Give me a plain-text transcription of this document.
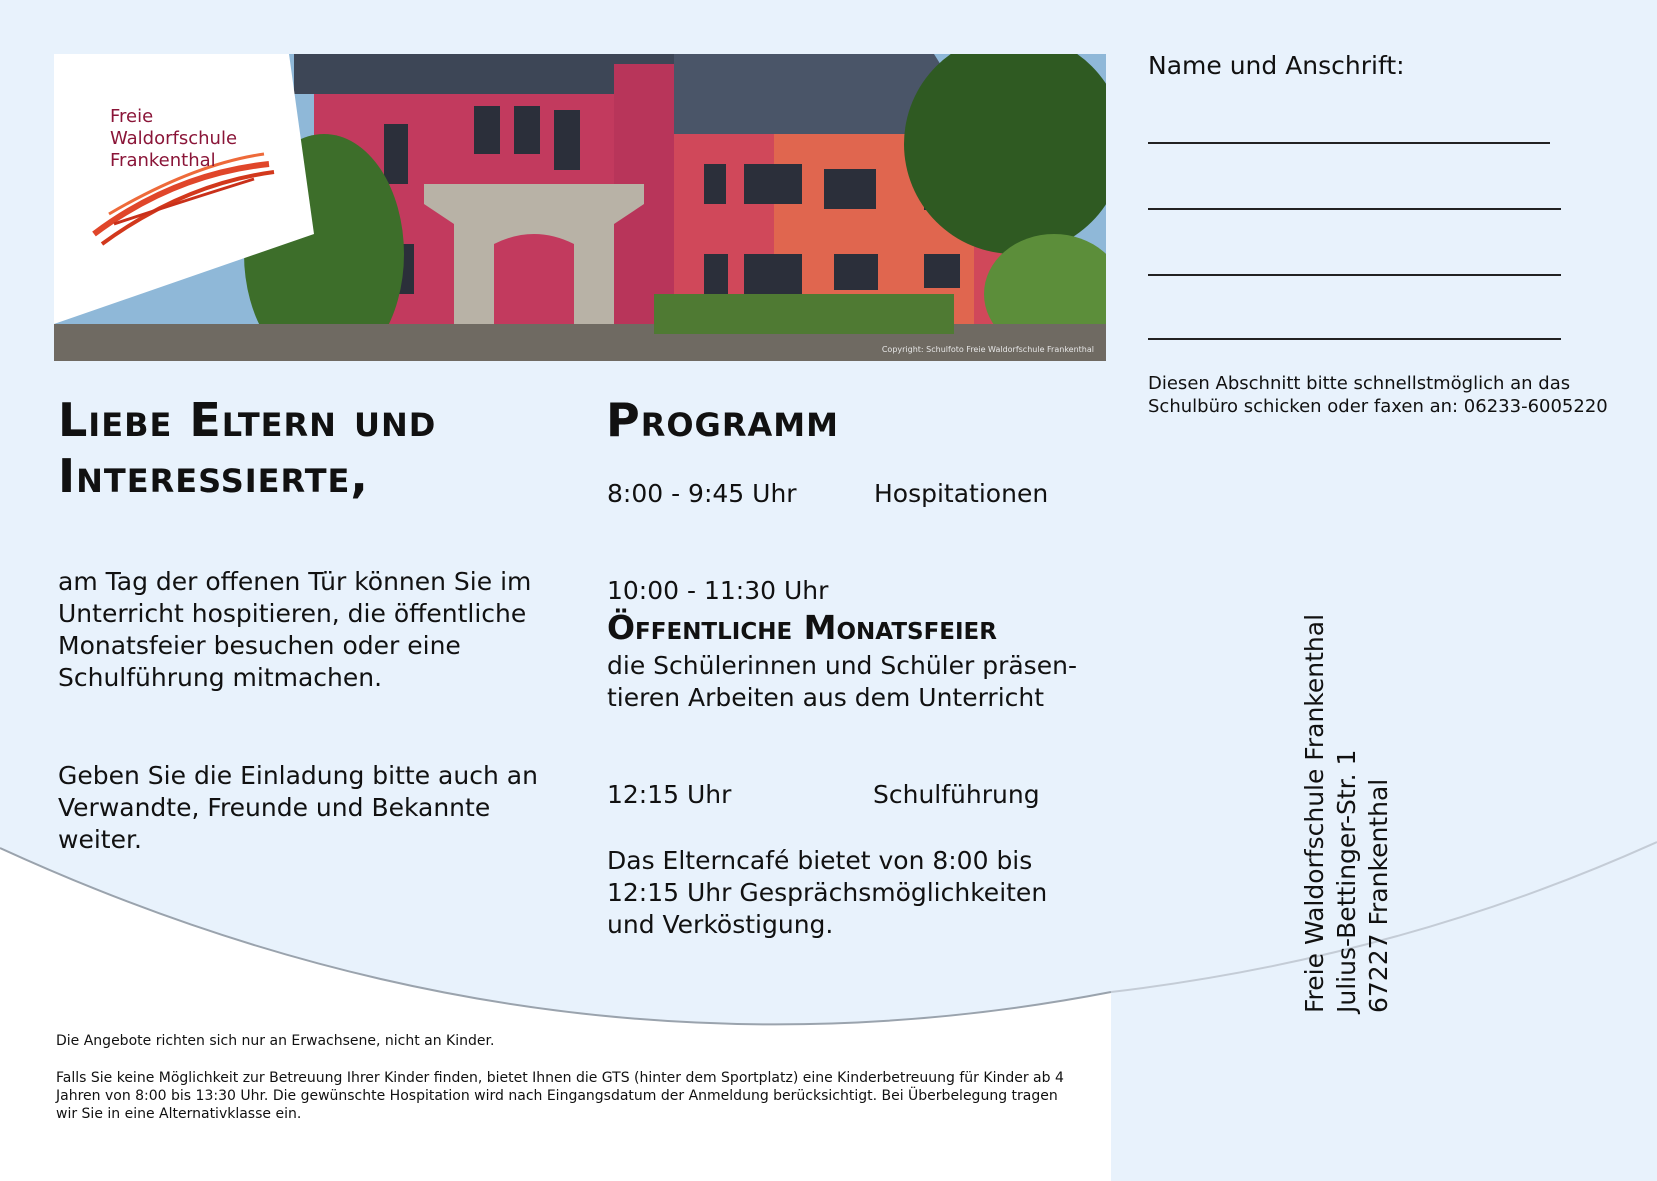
Copyright: Schulfoto Freie Waldorfschule Frankenthal
Freie
Waldorfschule
Frankenthal
Liebe Eltern und
Interessierte,
am Tag der offenen Tür können Sie im
Unterricht hospitieren, die öffentliche
Monatsfeier besuchen oder eine
Schulführung mitmachen.
Geben Sie die Einladung bitte auch an
Verwandte, Freunde und Bekannte
weiter.
Programm
8:00 - 9:45 Uhr	Hospitationen
10:00 - 11:30 Uhr
Öffentliche Monatsfeier
die Schülerinnen und Schüler präsen-
tieren Arbeiten aus dem Unterricht
12:15 Uhr	Schulführung
Das Elterncafé bietet von 8:00 bis
12:15 Uhr Gesprächsmöglichkeiten
und Verköstigung.
Name und Anschrift:
Diesen Abschnitt bitte schnellstmöglich an das
Schulbüro schicken oder faxen an: 06233-6005220
Freie Waldorfschule Frankenthal Julius-Bettinger-Str. 1 67227 Frankenthal
Die Angebote richten sich nur an Erwachsene, nicht an Kinder.
Falls Sie keine Möglichkeit zur Betreuung Ihrer Kinder finden, bietet Ihnen die GTS (hinter dem Sportplatz) eine Kinderbetreuung für Kinder ab 4
Jahren von 8:00 bis 13:30 Uhr. Die gewünschte Hospitation wird nach Eingangsdatum der Anmeldung berücksichtigt. Bei Überbelegung tragen
wir Sie in eine Alternativklasse ein.
